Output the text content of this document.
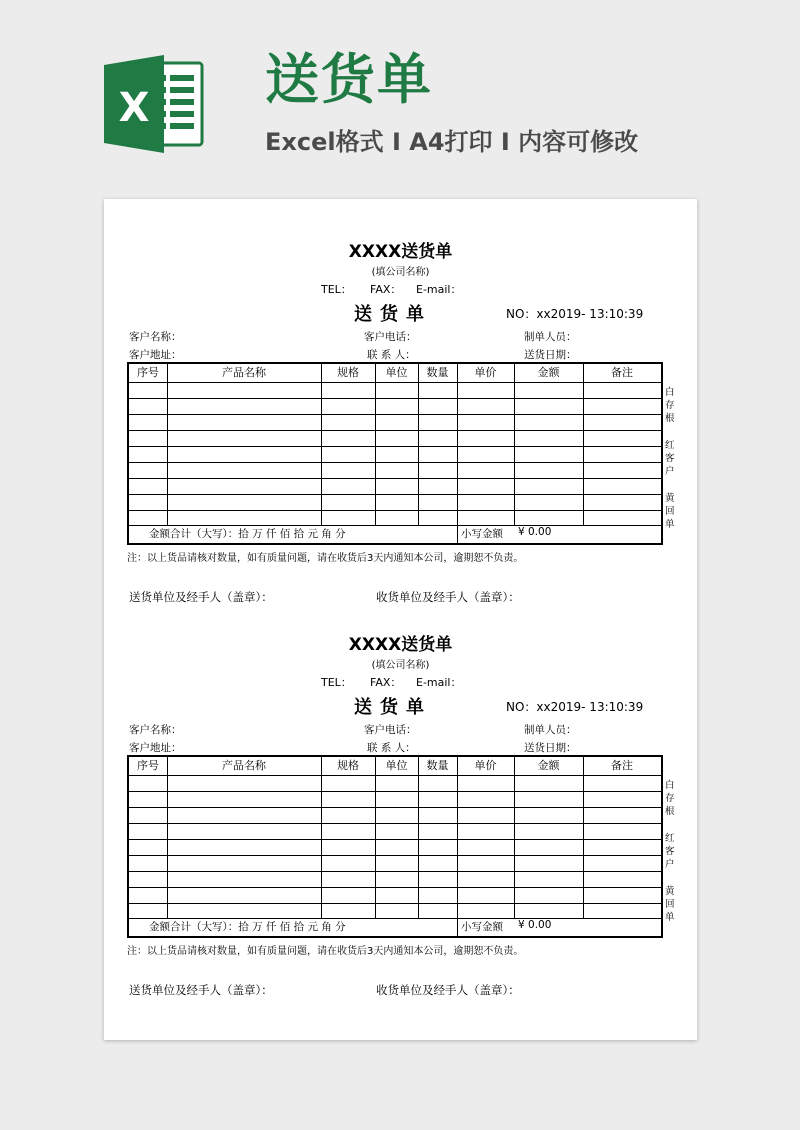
X 送货单
Excel格式 Ⅰ A4打印 Ⅰ 内容可修改
XXXX送货单
(填公司名称)
TEL： FAX： E-mail：
送货单	NO：xx2019- 13:10:39
客户名称：	客户电话：	制单人员：
客户地址：	联 系 人：	送货日期：
序号	产品名称	规格	单位	数量	单价	金额	备注
金额合计（大写）：拾 万 仟 佰 拾 元 角 分	小写金额 ¥ 0.00
白存根
红客户
黄回单
注：以上货品请核对数量，如有质量问题，请在收货后3天内通知本公司，逾期恕不负责。
送货单位及经手人（盖章）：	收货单位及经手人（盖章）：
XXXX送货单
(填公司名称)
TEL： FAX： E-mail：
送货单	NO：xx2019- 13:10:39
客户名称：	客户电话：	制单人员：
客户地址：	联 系 人：	送货日期：
序号	产品名称	规格	单位	数量	单价	金额	备注
金额合计（大写）：拾 万 仟 佰 拾 元 角 分	小写金额 ¥ 0.00
白存根
红客户
黄回单
注：以上货品请核对数量，如有质量问题，请在收货后3天内通知本公司，逾期恕不负责。
送货单位及经手人（盖章）：	收货单位及经手人（盖章）：
